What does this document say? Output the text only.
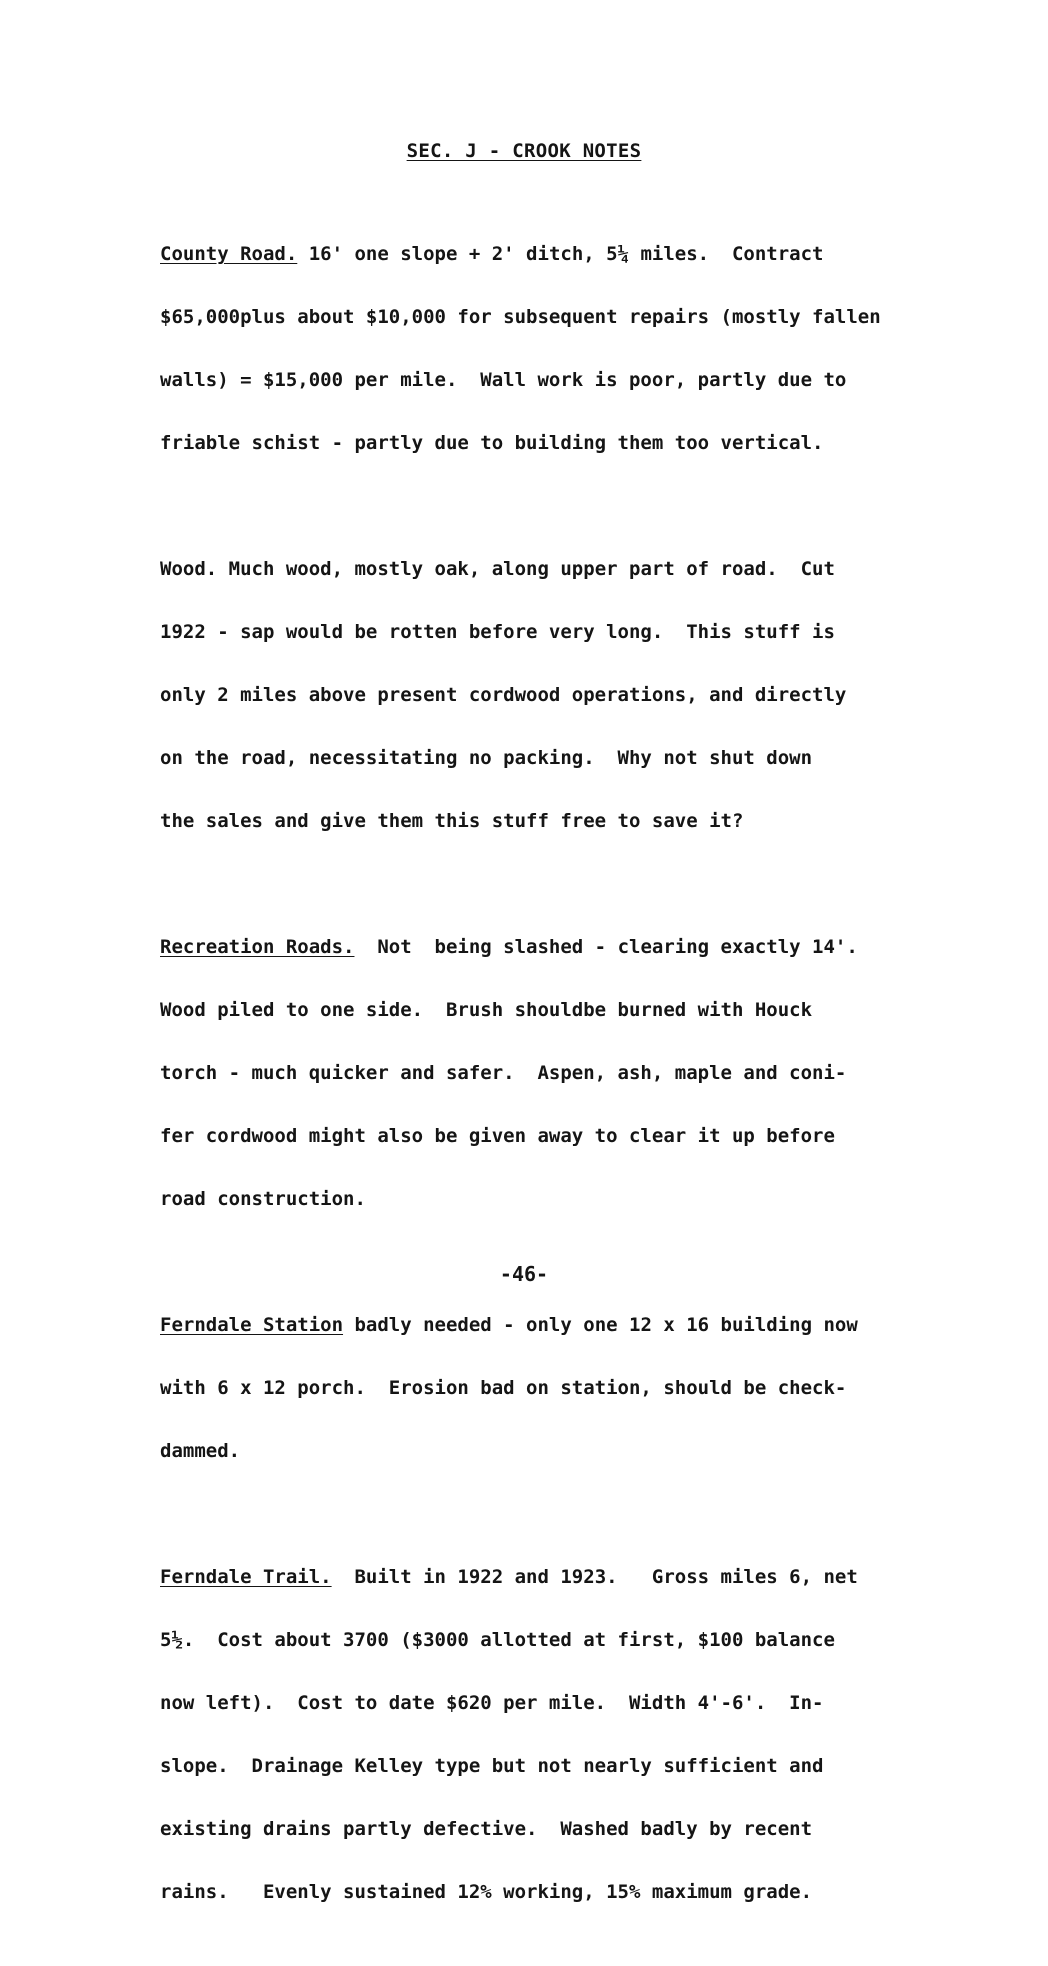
SEC. J - CROOK NOTES

County Road. 16' one slope + 2' ditch, 5¼ miles.  Contract

$65,000plus about $10,000 for subsequent repairs (mostly fallen

walls) = $15,000 per mile.  Wall work is poor, partly due to

friable schist - partly due to building them too vertical.

Wood. Much wood, mostly oak, along upper part of road.  Cut

1922 - sap would be rotten before very long.  This stuff is

only 2 miles above present cordwood operations, and directly

on the road, necessitating no packing.  Why not shut down

the sales and give them this stuff free to save it?

Recreation Roads.  Not  being slashed - clearing exactly 14'.

Wood piled to one side.  Brush shouldbe burned with Houck

torch - much quicker and safer.  Aspen, ash, maple and coni-

fer cordwood might also be given away to clear it up before

road construction.

Ferndale Station badly needed - only one 12 x 16 building now

with 6 x 12 porch.  Erosion bad on station, should be check-

dammed.

Ferndale Trail.  Built in 1922 and 1923.   Gross miles 6, net

5½.  Cost about 3700 ($3000 allotted at first, $100 balance

now left).  Cost to date $620 per mile.  Width 4'-6'.  In-

slope.  Drainage Kelley type but not nearly sufficient and

existing drains partly defective.  Washed badly by recent

rains.   Evenly sustained 12% working, 15% maximum grade.

-46-
